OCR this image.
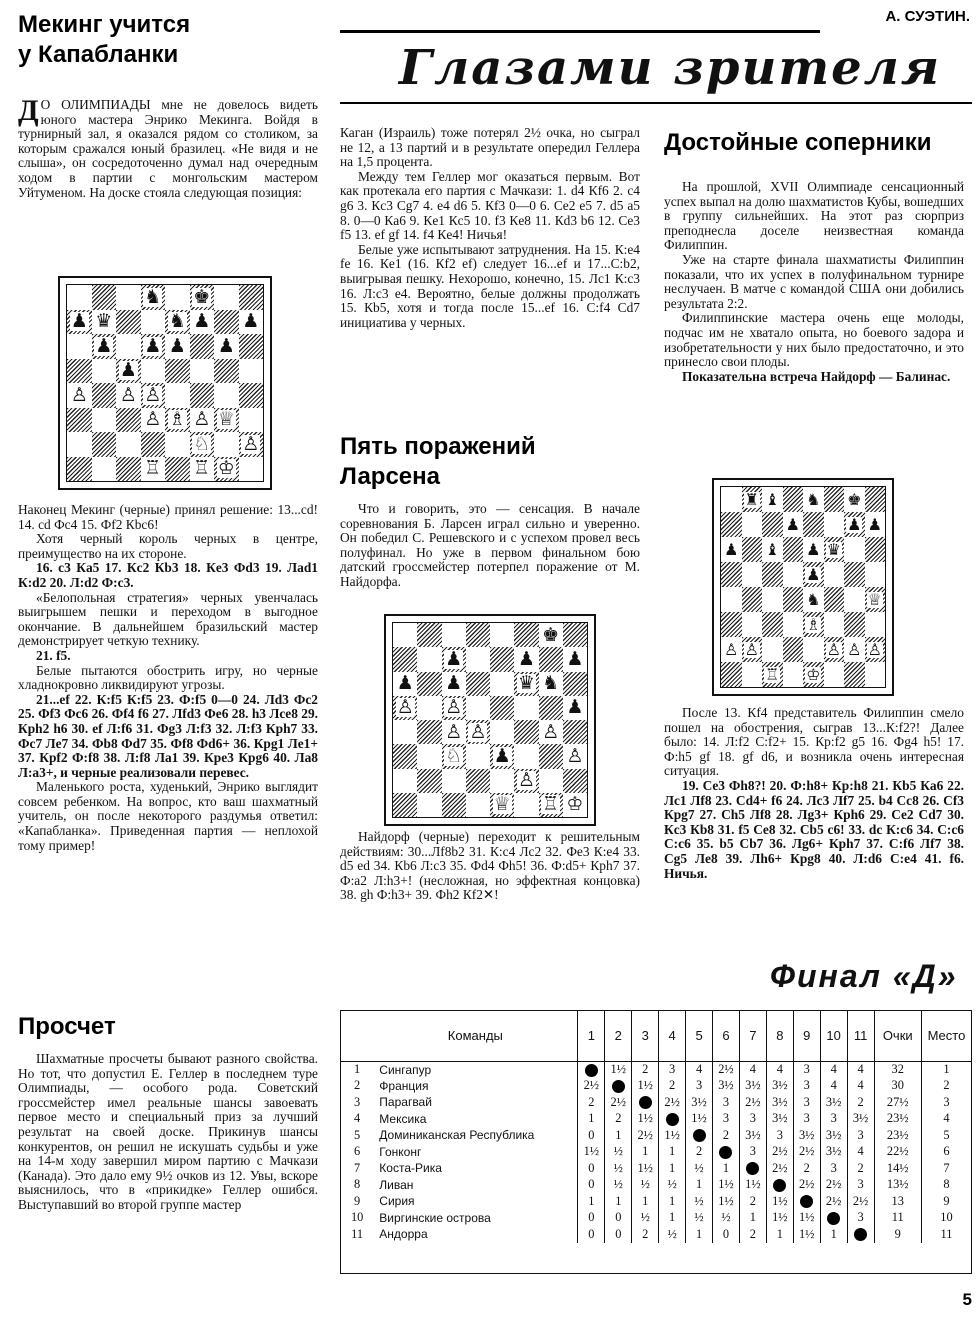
Мекинг учится у Капабланки
А. СУЭТИН.
Глазами зрителя
Д О ОЛИМПИАДЫ мне не довелось видеть юного мастера Энрико Мекинга. Войдя в турнирный зал, я оказался рядом со столиком, за которым сражался юный бразилец. «Не видя и не слыша», он сосредоточенно думал над очередным ходом в партии с монгольским мастером Уйтуменом. На доске стояла следующая позиция:
♞ ♚
♟ ♛	♞ ♟ ♟
♟ ♟ ♟ ♟
♟
♙ ♙ ♙
♙ ♗ ♙ ♕
♘ ♙
♖ ♖ ♔

Наконец Мекинг (черные) принял решение: 13...cd! 14. cd Фc4 15. Фf2 Кbc6!

Хотя черный король черных в центре, преимущество на их стороне.

16. c3 Кa5 17. Кc2 Кb3 18. Кe3 Фd3 19. Лad1 К:d2 20. Л:d2 Ф:c3.

«Белопольная стратегия» черных увенчалась выигрышем пешки и переходом в выгодное окончание. В дальнейшем бразильский мастер демонстрирует четкую технику.

21. f5.

Белые пытаются обострить игру, но черные хладнокровно ликвидируют угрозы.

21...ef 22. К:f5 К:f5 23. Ф:f5 0—0 24. Лd3 Фc2 25. Фf3 Фc6 26. Фf4 f6 27. Лfd3 Фe6 28. h3 Лce8 29. Кph2 h6 30. ef Л:f6 31. Фg3 Л:f3 32. Л:f3 Кph7 33. Фc7 Лe7 34. Фb8 Фd7 35. Фf8 Фd6+ 36. Кpg1 Лe1+ 37. Кpf2 Ф:f8 38. Л:f8 Лa1 39. Кpe3 Кpg6 40. Лa8 Л:a3+, и черные реализовали перевес.

Маленького роста, худенький, Энрико выглядит совсем ребенком. На вопрос, кто ваш шахматный учитель, он после некоторого раздумья ответил: «Капабланка». Приведенная партия — неплохой тому пример!

Просчет

Шахматные просчеты бывают разного свойства. Но тот, что допустил Е. Геллер в последнем туре Олимпиады, — особого рода. Советский гроссмейстер имел реальные шансы завоевать первое место и специальный приз за лучший результат на своей доске. Прикинув шансы конкурентов, он решил не искушать судьбы и уже на 14-м ходу завершил миром партию с Мачкази (Канада). Это дало ему 9½ очков из 12. Увы, вскоре выяснилось, что в «прикидке» Геллер ошибся. Выступавший во второй группе мастер

Каган (Израиль) тоже потерял 2½ очка, но сыграл не 12, а 13 партий и в результате опередил Геллера на 1,5 процента.

Между тем Геллер мог оказаться первым. Вот как протекала его партия с Мачкази: 1. d4 Кf6 2. c4 g6 3. Кc3 Сg7 4. e4 d6 5. Кf3 0—0 6. Сe2 e5 7. d5 a5 8. 0—0 Кa6 9. Кe1 Кc5 10. f3 Кe8 11. Кd3 b6 12. Сe3 f5 13. ef gf 14. f4 Кe4! Ничья!

Белые уже испытывают затруднения. На 15. К:e4 fe 16. Кe1 (16. Кf2 ef) следует 16...ef и 17...С:b2, выигрывая пешку. Нехорошо, конечно, 15. Лc1 К:c3 16. Л:c3 e4. Вероятно, белые должны продолжать 15. Кb5, хотя и тогда после 15...ef 16. С:f4 Сd7 инициатива у черных.

Пять поражений Ларсена

Что и говорить, это — сенсация. В начале соревнования Б. Ларсен играл сильно и уверенно. Он победил С. Решевского и с успехом провел весь полуфинал. Но уже в первом финальном бою датский гроссмейстер потерпел поражение от М. Найдорфа.

♚
♟	♟ ♟
♟ ♟	♛ ♞
♙ ♙	♟
♙ ♙	♙
♘ ♟	♙
♙
♕ ♖ ♔

Найдорф (черные) переходит к решительным действиям: 30...Лf8b2 31. К:c4 Лc2 32. Фe3 К:e4 33. d5 ed 34. Кb6 Л:c3 35. Фd4 Фh5! 36. Ф:d5+ Кph7 37. Ф:a2 Л:h3+! (несложная, но эффектная концовка) 38. gh Ф:h3+ 39. Фh2 Кf2✕!

Достойные соперники

На прошлой, XVII Олимпиаде сенсационный успех выпал на долю шахматистов Кубы, вошедших в группу сильнейших. На этот раз сюрприз преподнесла доселе неизвестная команда Филиппин.

Уже на старте финала шахматисты Филиппин показали, что их успех в полуфинальном турнире неслучаен. В матче с командой США они добились результата 2:2.

Филиппинские мастера очень еще молоды, подчас им не хватало опыта, но боевого задора и изобретательности у них было предостаточно, и это принесло свои плоды.

Показательна встреча Найдорф — Балинас.

♜ ♝ ♞ ♚
♟	♟ ♟
♟ ♝ ♟ ♛
♟
♞	♕
♗
♙ ♙	♙ ♙ ♙
♖ ♔

После 13. Кf4 представитель Филиппин смело пошел на обострения, сыграв 13...К:f2?! Далее было: 14. Л:f2 С:f2+ 15. Кp:f2 g5 16. Фg4 h5! 17. Ф:h5 gf 18. gf d6, и возникла очень интересная ситуация.

19. Сe3 Фh8?! 20. Ф:h8+ Кp:h8 21. Кb5 Кa6 22. Лc1 Лf8 23. Сd4+ f6 24. Лc3 Лf7 25. b4 Сc8 26. Сf3 Кpg7 27. Сh5 Лf8 28. Лg3+ Кph6 29. Сe2 Сd7 30. Кc3 Кb8 31. f5 Сe8 32. Сb5 c6! 33. dc К:c6 34. С:c6 С:c6 35. b5 Сb7 36. Лg6+ Кph7 37. С:f6 Лf7 38. Сg5 Лe8 39. Лh6+ Кpg8 40. Л:d6 С:e4 41. f6. Ничья.

Финал «Д»
	Команды	1	2	3	4	5	6	7	8	9	10	11	Очки	Место
1	Сингапур		1½	2	3	4	2½	4	4	3	4	4	32	1
2	Франция	2½		1½	2	3	3½	3½	3½	3	4	4	30	2
3	Парагвай	2	2½		2½	3½	3	2½	3½	3	3½	2	27½	3
4	Мексика	1	2	1½		1½	3	3	3½	3	3	3½	23½	4
5	Доминиканская Республика	0	1	2½	1½		2	3½	3	3½	3½	3	23½	5
6	Гонконг	1½	½	1	1	2		3	2½	2½	3½	4	22½	6
7	Коста-Рика	0	½	1½	1	½	1		2½	2	3	2	14½	7
8	Ливан	0	½	½	½	1	1½	1½		2½	2½	3	13½	8
9	Сирия	1	1	1	1	½	1½	2	1½		2½	2½	13	9
10	Виргинские острова	0	0	½	1	½	½	1	1½	1½		3	11	10
11	Андорра	0	0	2	½	1	0	2	1	1½	1		9	11
5
